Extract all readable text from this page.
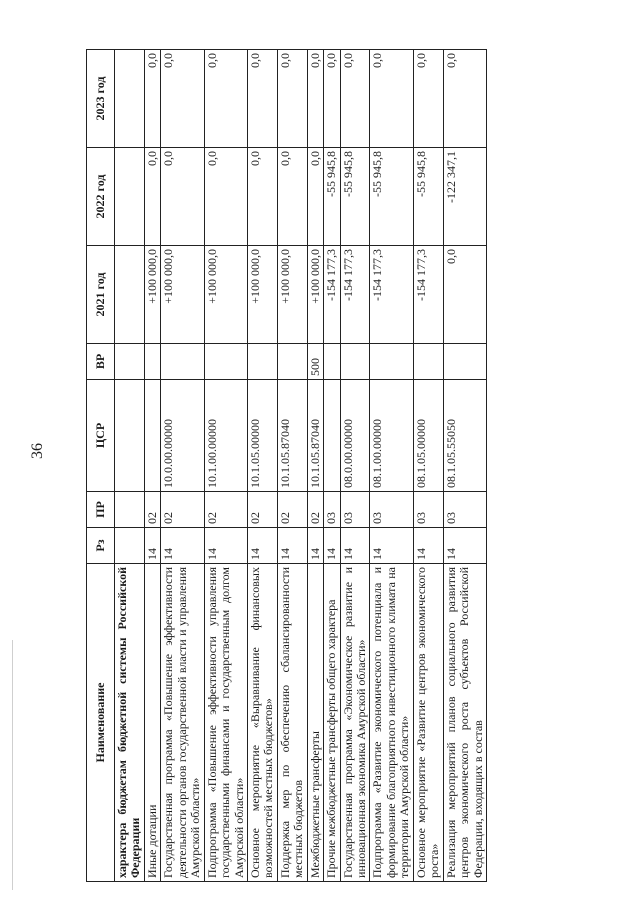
36
Наименование	Рз	ПР	ЦСР	ВР	2021 год	2022 год	2023 год
характера бюджетам бюджетной системы Российской Федерации							
Иные дотации	14	02			+100 000,0	0,0	0,0
Государственная программа «Повышение эффективности деятельности органов государственной власти и управления Амурской области»	14	02	10.0.00.00000		+100 000,0	0,0	0,0
Подпрограмма «Повышение эффективности управления государственными финансами и государственным долгом Амурской области»	14	02	10.1.00.00000		+100 000,0	0,0	0,0
Основное мероприятие «Выравнивание финансовых возможностей местных бюджетов»	14	02	10.1.05.00000		+100 000,0	0,0	0,0
Поддержка мер по обеспечению сбалансированности местных бюджетов	14	02	10.1.05.87040		+100 000,0	0,0	0,0
Межбюджетные трансферты	14	02	10.1.05.87040	500	+100 000,0	0,0	0,0
Прочие межбюджетные трансферты общего характера	14	03			-154 177,3	-55 945,8	0,0
Государственная программа «Экономическое развитие и инновационная экономика Амурской области»	14	03	08.0.00.00000		-154 177,3	-55 945,8	0,0
Подпрограмма «Развитие экономического потенциала и формирование благоприятного инвестиционного климата на территории Амурской области»	14	03	08.1.00.00000		-154 177,3	-55 945,8	0,0
Основное мероприятие «Развитие центров экономического роста»	14	03	08.1.05.00000		-154 177,3	-55 945,8	0,0
Реализация мероприятий планов социального развития центров экономического роста субъектов Российской Федерации, входящих в состав	14	03	08.1.05.55050		0,0	-122 347,1	0,0
